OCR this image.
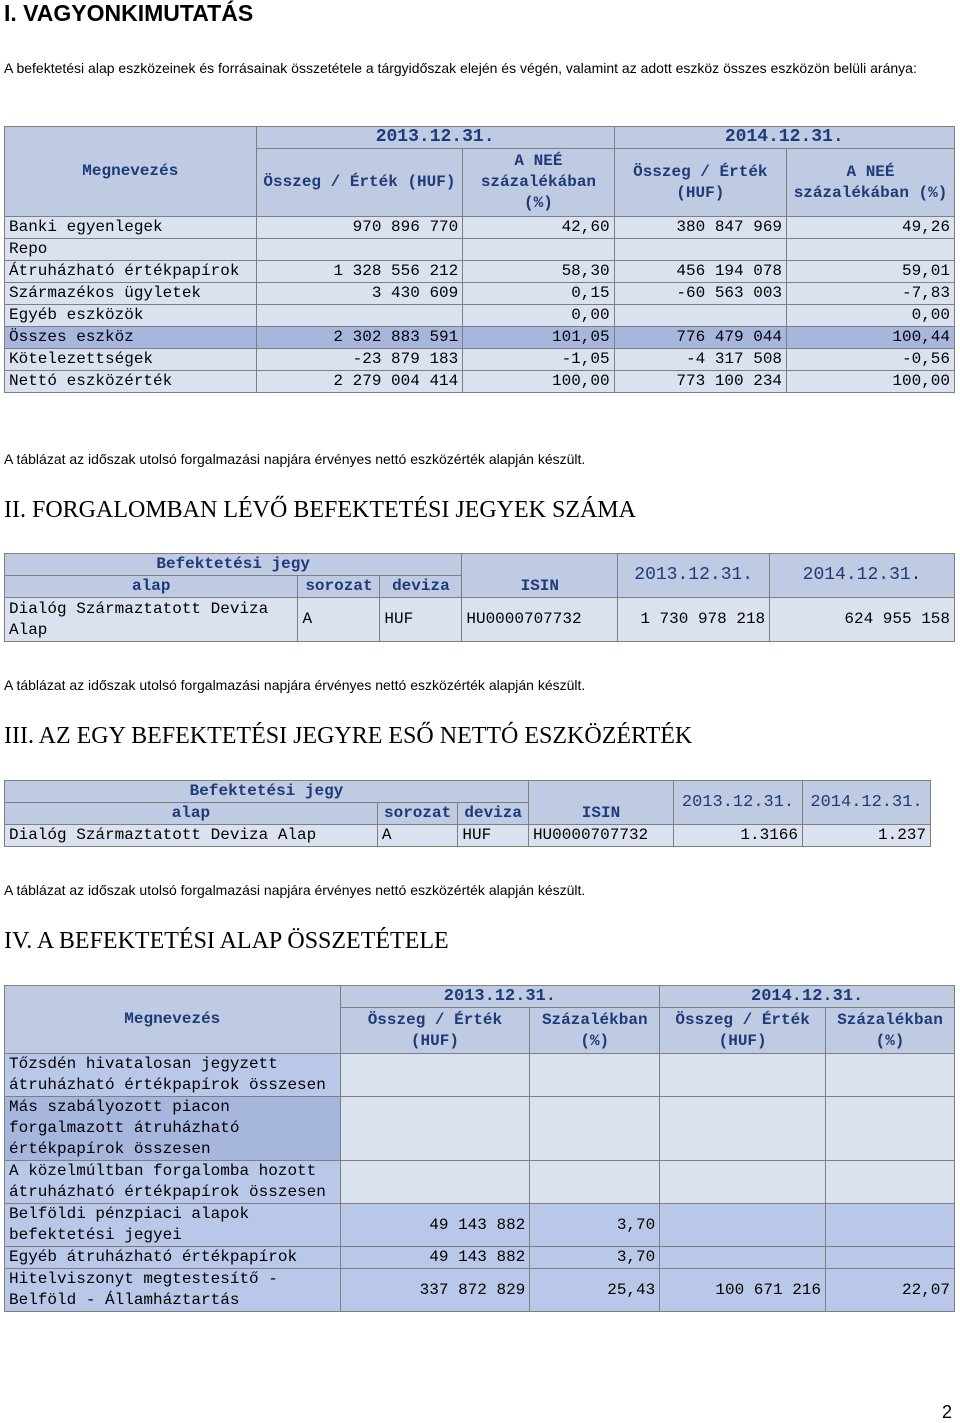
I. VAGYONKIMUTATÁS
A befektetési alap eszközeinek és forrásainak összetétele a tárgyidőszak elején és végén, valamint az adott eszköz összes eszközön belüli aránya:
Megnevezés	2013.12.31.		2014.12.31.	
	Összeg / Érték (HUF)	A NEÉ százalékában (%)	Összeg / Érték (HUF)	A NEÉ százalékában (%)
Banki egyenlegek	970 896 770	42,60	380 847 969	49,26
Repo				
Átruházható értékpapírok	1 328 556 212	58,30	456 194 078	59,01
Származékos ügyletek	3 430 609	0,15	-60 563 003	-7,83
Egyéb eszközök		0,00		0,00
Összes eszköz	2 302 883 591	101,05	776 479 044	100,44
Kötelezettségek	-23 879 183	-1,05	-4 317 508	-0,56
Nettó eszközérték	2 279 004 414	100,00	773 100 234	100,00
A táblázat az időszak utolsó forgalmazási napjára érvényes nettó eszközérték alapján készült.
II. FORGALOMBAN LÉVŐ BEFEKTETÉSI JEGYEK SZÁMA
Befektetési jegy				2013.12.31.	2014.12.31.
alap	sorozat	deviza	ISIN		
Dialóg Származtatott Deviza Alap	A	HUF	HU0000707732	1 730 978 218	624 955 158
A táblázat az időszak utolsó forgalmazási napjára érvényes nettó eszközérték alapján készült.
III. AZ EGY BEFEKTETÉSI JEGYRE ESŐ NETTÓ ESZKÖZÉRTÉK
Befektetési jegy				2013.12.31.	2014.12.31.
alap	sorozat	deviza	ISIN		
Dialóg Származtatott Deviza Alap	A	HUF	HU0000707732	1.3166	1.237
A táblázat az időszak utolsó forgalmazási napjára érvényes nettó eszközérték alapján készült.
IV. A BEFEKTETÉSI ALAP ÖSSZETÉTELE
Megnevezés	2013.12.31.		2014.12.31.	
	Összeg / Érték (HUF)	Százalékban (%)	Összeg / Érték (HUF)	Százalékban (%)
Tőzsdén hivatalosan jegyzett átruházható értékpapírok összesen				
Más szabályozott piacon forgalmazott átruházható értékpapírok összesen				
A közelmúltban forgalomba hozott átruházható értékpapírok összesen				
Belföldi pénzpiaci alapok befektetési jegyei	49 143 882	3,70		
Egyéb átruházható értékpapírok	49 143 882	3,70		
Hitelviszonyt megtestesítő - Belföld - Államháztartás	337 872 829	25,43	100 671 216	22,07
2
